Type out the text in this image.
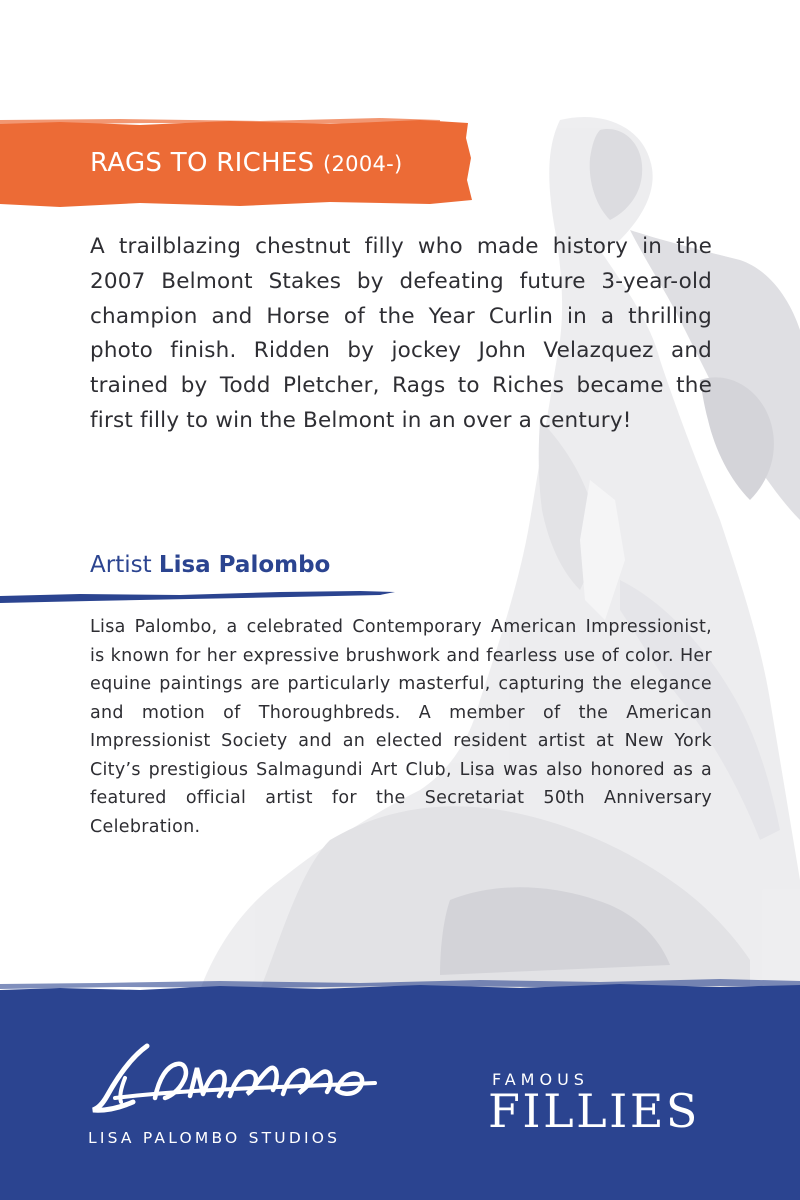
RAGS TO RICHES (2004-)

A trailblazing chestnut filly who made history in the 2007 Belmont Stakes by defeating future 3-year-old champion and Horse of the Year Curlin in a thrilling photo finish. Ridden by jockey John Velazquez and trained by Todd Pletcher, Rags to Riches became the first filly to win the Belmont in an over a century!

Artist Lisa Palombo

Lisa Palombo, a celebrated Contemporary American Impressionist, is known for her expressive brushwork and fearless use of color. Her equine paintings are particularly masterful, capturing the elegance and motion of Thoroughbreds. A member of the American Impressionist Society and an elected resident artist at New York City’s prestigious Salmagundi Art Club, Lisa was also honored as a featured official artist for the Secretariat 50th Anniversary Celebration.

LISA PALOMBO STUDIOS
FAMOUS
FILLIES
